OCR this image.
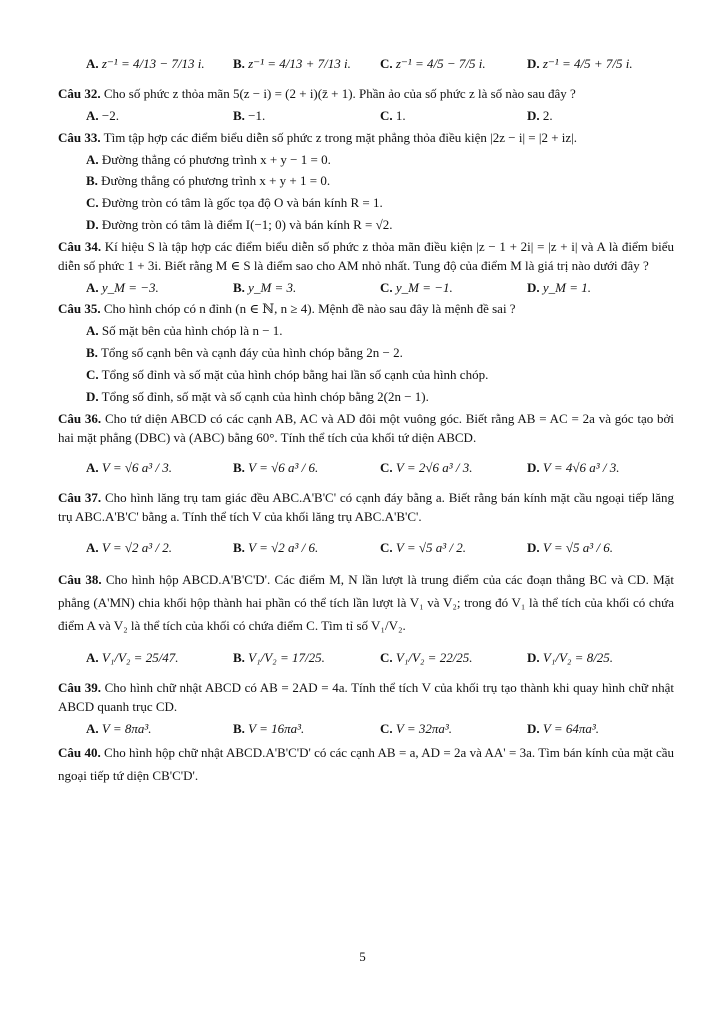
A. z⁻¹ = 4/13 − 7/13 i.	B. z⁻¹ = 4/13 + 7/13 i.	C. z⁻¹ = 4/5 − 7/5 i.	D. z⁻¹ = 4/5 + 7/5 i.

Câu 32. Cho số phức z thỏa mãn 5(z − i) = (2 + i)(z̄ + 1). Phần ảo của số phức z là số nào sau đây ?

A. −2.	B. −1.	C. 1.	D. 2.

Câu 33. Tìm tập hợp các điểm biểu diễn số phức z trong mặt phẳng thỏa điều kiện |2z − i| = |2 + iz|.

A. Đường thẳng có phương trình x + y − 1 = 0.
B. Đường thẳng có phương trình x + y + 1 = 0.
C. Đường tròn có tâm là gốc tọa độ O và bán kính R = 1.
D. Đường tròn có tâm là điểm I(−1; 0) và bán kính R = √2.

Câu 34. Kí hiệu S là tập hợp các điểm biểu diễn số phức z thỏa mãn điều kiện |z − 1 + 2i| = |z + i| và A là điểm biểu diễn số phức 1 + 3i. Biết rằng M ∈ S là điểm sao cho AM nhỏ nhất. Tung độ của điểm M là giá trị nào dưới đây ?

A. y_M = −3.	B. y_M = 3.	C. y_M = −1.	D. y_M = 1.

Câu 35. Cho hình chóp có n đỉnh (n ∈ ℕ, n ≥ 4). Mệnh đề nào sau đây là mệnh đề sai ?

A. Số mặt bên của hình chóp là n − 1.
B. Tổng số cạnh bên và cạnh đáy của hình chóp bằng 2n − 2.
C. Tổng số đỉnh và số mặt của hình chóp bằng hai lần số cạnh của hình chóp.
D. Tổng số đỉnh, số mặt và số cạnh của hình chóp bằng 2(2n − 1).

Câu 36. Cho tứ diện ABCD có các cạnh AB, AC và AD đôi một vuông góc. Biết rằng AB = AC = 2a và góc tạo bởi hai mặt phẳng (DBC) và (ABC) bằng 60°. Tính thể tích của khối tứ diện ABCD.

A. V = √6 a³ / 3.	B. V = √6 a³ / 6.	C. V = 2√6 a³ / 3.	D. V = 4√6 a³ / 3.

Câu 37. Cho hình lăng trụ tam giác đều ABC.A'B'C' có cạnh đáy bằng a. Biết rằng bán kính mặt cầu ngoại tiếp lăng trụ ABC.A'B'C' bằng a. Tính thể tích V của khối lăng trụ ABC.A'B'C'.

A. V = √2 a³ / 2.	B. V = √2 a³ / 6.	C. V = √5 a³ / 2.	D. V = √5 a³ / 6.

Câu 38. Cho hình hộp ABCD.A'B'C'D'. Các điểm M, N lần lượt là trung điểm của các đoạn thẳng BC và CD. Mặt phẳng (A'MN) chia khối hộp thành hai phần có thể tích lần lượt là V₁ và V₂; trong đó V₁ là thể tích của khối có chứa điểm A và V₂ là thể tích của khối có chứa điểm C. Tìm tỉ số V₁/V₂.

A. V₁/V₂ = 25/47.	B. V₁/V₂ = 17/25.	C. V₁/V₂ = 22/25.	D. V₁/V₂ = 8/25.

Câu 39. Cho hình chữ nhật ABCD có AB = 2AD = 4a. Tính thể tích V của khối trụ tạo thành khi quay hình chữ nhật ABCD quanh trục CD.

A. V = 8πa³.	B. V = 16πa³.	C. V = 32πa³.	D. V = 64πa³.

Câu 40. Cho hình hộp chữ nhật ABCD.A'B'C'D' có các cạnh AB = a, AD = 2a và AA' = 3a. Tìm bán kính của mặt cầu ngoại tiếp tứ diện CB'C'D'.

5
